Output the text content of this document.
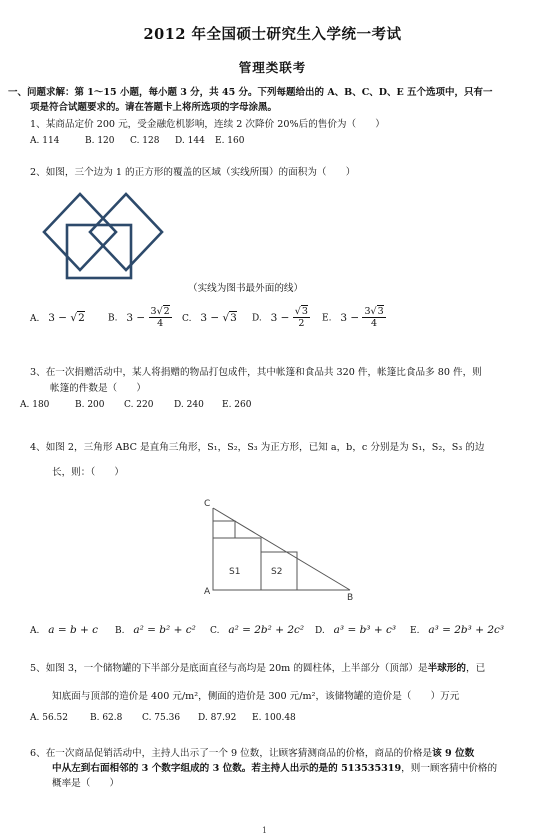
2012 年全国硕士研究生入学统一考试
管理类联考
一、问题求解：第 1～15 小题，每小题 3 分，共 45 分。下列每题给出的 A、B、C、D、E 五个选项中，只有一
项是符合试题要求的。请在答题卡上将所选项的字母涂黑。
1、某商品定价 200 元，受金融危机影响，连续 2 次降价 20%后的售价为（　　）
A. 114	B. 120 C. 128 D. 144 E. 160
2、如图，三个边为 1 的正方形的覆盖的区域（实线所围）的面积为（　　）
（实线为图书最外面的线）
A. 3 − √2	B. $3 - \frac{3√2}{4} C$. 3 − √3 D. $3 - \frac{√3}{2} E$. $3 - \frac{3√3}{4}$
3、在一次捐赠活动中，某人将捐赠的物品打包成件，其中帐篷和食品共 320 件，帐篷比食品多 80 件，则
帐篷的件数是（　　）
A. 180	B. 200 C. 220 D. 240 E. 260
4、如图 2，三角形 ABC 是直角三角形，S₁，S₂，S₃ 为正方形，已知 a，b，c 分别是为 S₁，S₂，S₃ 的边
长，则：（　　）
C
A
B
S1	S2
A. a = b + c B. a² = b² + c² C. a² = 2b² + 2c² D. a³ = b³ + c³ E. a³ = 2b³ + 2c³
5、如图 3，一个储物罐的下半部分是底面直径与高均是 20m 的圆柱体，上半部分（顶部）是半球形的，已
知底面与顶部的造价是 400 元/m²，侧面的造价是 300 元/m²，该储物罐的造价是（　　）万元
A. 56.52 B. 62.8 C. 75.36 D. 87.92 E. 100.48
6、在一次商品促销活动中，主持人出示了一个 9 位数，让顾客猜测商品的价格，商品的价格是该 9 位数
中从左到右面相邻的 3 个数字组成的 3 位数。若主持人出示的是的 513535319，则一顾客猜中价格的
概率是（　　）
1
